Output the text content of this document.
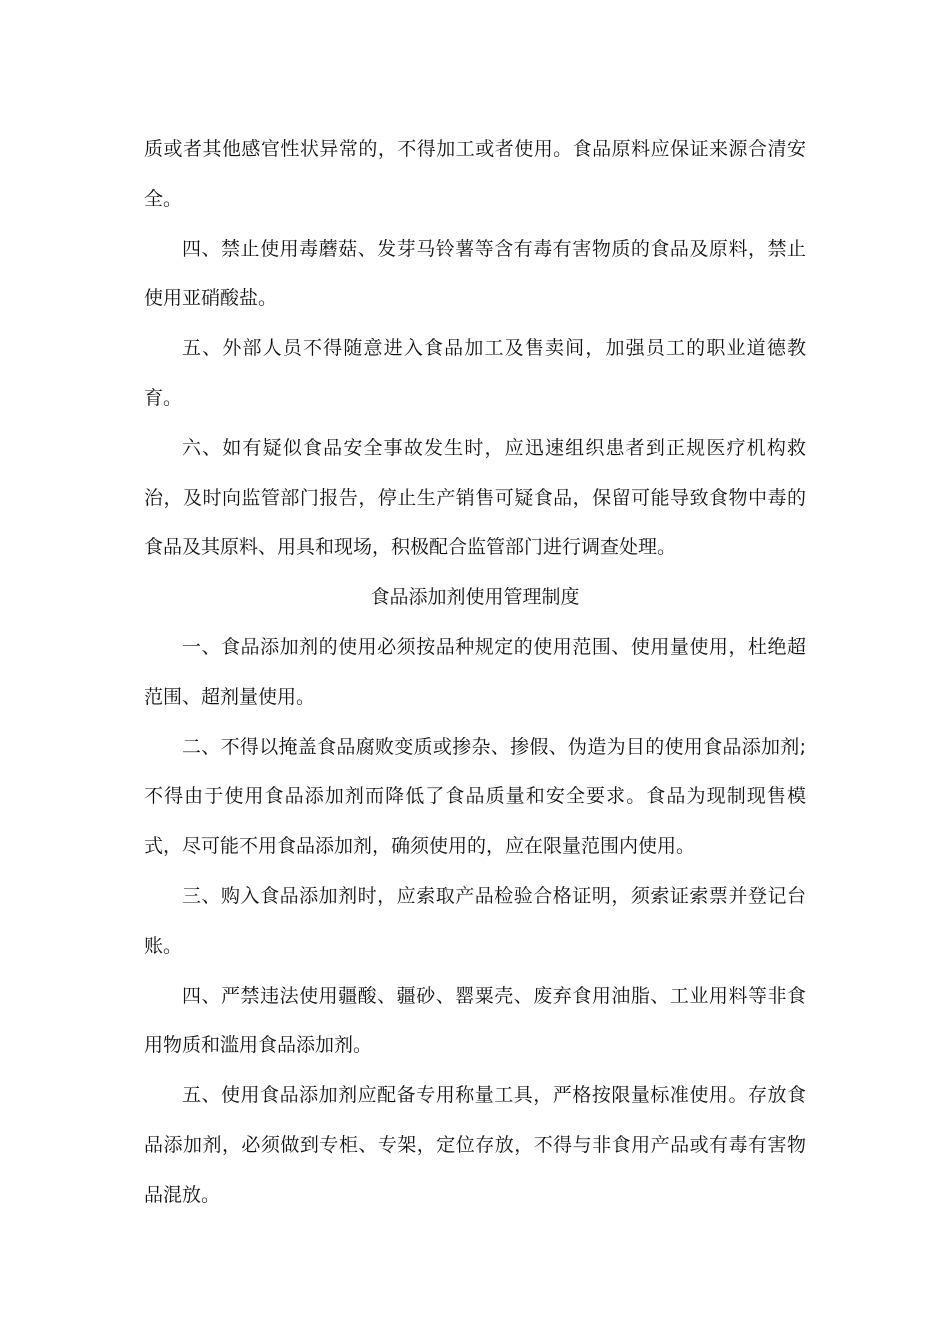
质或者其他感官性状异常的，不得加工或者使用。食品原料应保证来源合清安全。

四、禁止使用毒蘑菇、发芽马铃薯等含有毒有害物质的食品及原料，禁止使用亚硝酸盐。

五、外部人员不得随意进入食品加工及售卖间，加强员工的职业道德教育。

六、如有疑似食品安全事故发生时，应迅速组织患者到正规医疗机构救治，及时向监管部门报告，停止生产销售可疑食品，保留可能导致食物中毒的食品及其原料、用具和现场，积极配合监管部门进行调查处理。

食品添加剂使用管理制度

一、食品添加剂的使用必须按品种规定的使用范围、使用量使用，杜绝超范围、超剂量使用。

二、不得以掩盖食品腐败变质或掺杂、掺假、伪造为目的使用食品添加剂;不得由于使用食品添加剂而降低了食品质量和安全要求。食品为现制现售模式，尽可能不用食品添加剂，确须使用的，应在限量范围内使用。

三、购入食品添加剂时，应索取产品检验合格证明，须索证索票并登记台账。

四、严禁违法使用疆酸、疆砂、罂粟壳、废弃食用油脂、工业用料等非食用物质和滥用食品添加剂。

五、使用食品添加剂应配备专用称量工具，严格按限量标准使用。存放食品添加剂，必须做到专柜、专架，定位存放，不得与非食用产品或有毒有害物品混放。
